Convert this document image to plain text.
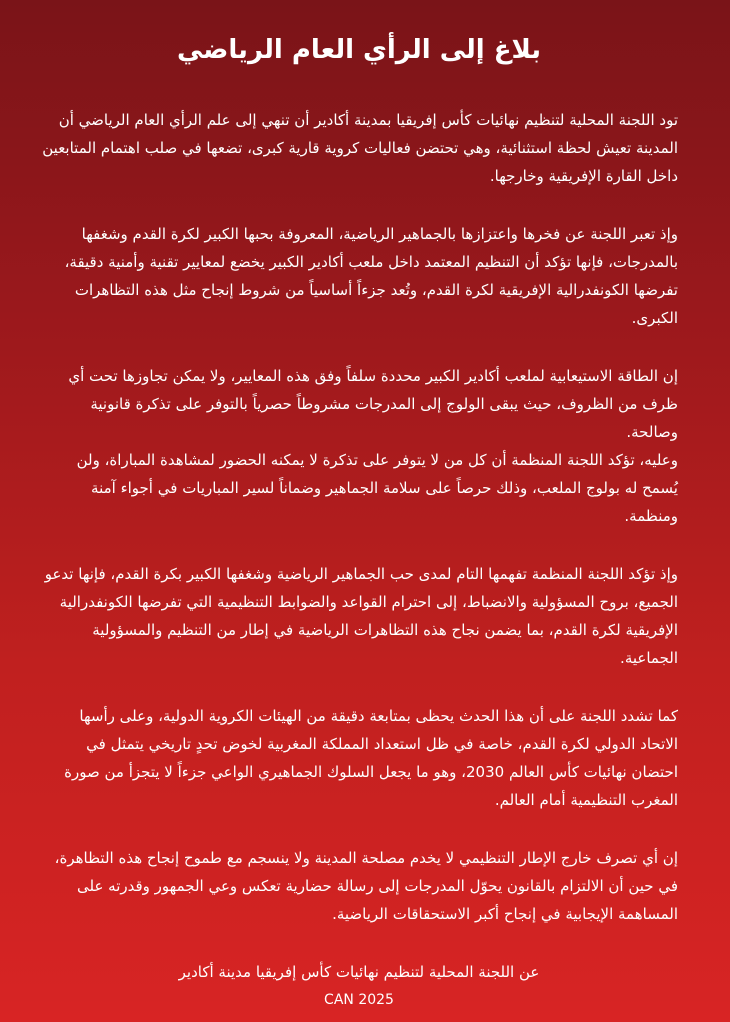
بلاغ إلى الرأي العام الرياضي

تود اللجنة المحلية لتنظيم نهائيات كأس إفريقيا بمدينة أكادير أن تنهي إلى علم الرأي العام الرياضي أن المدينة تعيش لحظة استثنائية، وهي تحتضن فعاليات كروية قارية كبرى، تضعها في صلب اهتمام المتابعين داخل القارة الإفريقية وخارجها.

وإذ تعبر اللجنة عن فخرها واعتزازها بالجماهير الرياضية، المعروفة بحبها الكبير لكرة القدم وشغفها بالمدرجات، فإنها تؤكد أن التنظيم المعتمد داخل ملعب أكادير الكبير يخضع لمعايير تقنية وأمنية دقيقة، تفرضها الكونفدرالية الإفريقية لكرة القدم، وتُعد جزءاً أساسياً من شروط إنجاح مثل هذه التظاهرات الكبرى.

إن الطاقة الاستيعابية لملعب أكادير الكبير محددة سلفاً وفق هذه المعايير، ولا يمكن تجاوزها تحت أي ظرف من الظروف، حيث يبقى الولوج إلى المدرجات مشروطاً حصرياً بالتوفر على تذكرة قانونية وصالحة.

وعليه، تؤكد اللجنة المنظمة أن كل من لا يتوفر على تذكرة لا يمكنه الحضور لمشاهدة المباراة، ولن يُسمح له بولوج الملعب، وذلك حرصاً على سلامة الجماهير وضماناً لسير المباريات في أجواء آمنة ومنظمة.

وإذ تؤكد اللجنة المنظمة تفهمها التام لمدى حب الجماهير الرياضية وشغفها الكبير بكرة القدم، فإنها تدعو الجميع، بروح المسؤولية والانضباط، إلى احترام القواعد والضوابط التنظيمية التي تفرضها الكونفدرالية الإفريقية لكرة القدم، بما يضمن نجاح هذه التظاهرات الرياضية في إطار من التنظيم والمسؤولية الجماعية.

كما تشدد اللجنة على أن هذا الحدث يحظى بمتابعة دقيقة من الهيئات الكروية الدولية، وعلى رأسها الاتحاد الدولي لكرة القدم، خاصة في ظل استعداد المملكة المغربية لخوض تحدٍ تاريخي يتمثل في احتضان نهائيات كأس العالم 2030، وهو ما يجعل السلوك الجماهيري الواعي جزءاً لا يتجزأ من صورة المغرب التنظيمية أمام العالم.

إن أي تصرف خارج الإطار التنظيمي لا يخدم مصلحة المدينة ولا ينسجم مع طموح إنجاح هذه التظاهرة، في حين أن الالتزام بالقانون يحوّل المدرجات إلى رسالة حضارية تعكس وعي الجمهور وقدرته على المساهمة الإيجابية في إنجاح أكبر الاستحقاقات الرياضية.

عن اللجنة المحلية لتنظيم نهائيات كأس إفريقيا مدينة أكادير
CAN 2025
